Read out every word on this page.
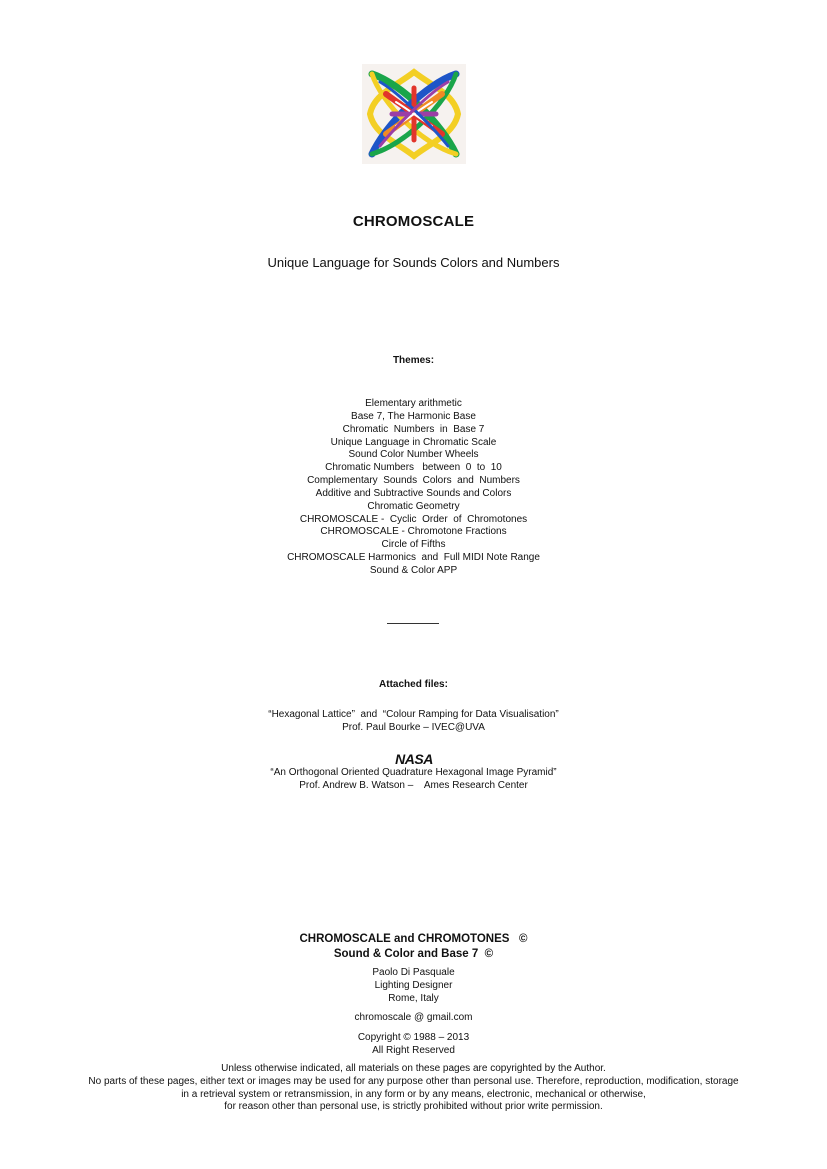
CHROMOSCALE
Unique Language for Sounds Colors and Numbers
Themes:
Elementary arithmetic
Base 7, The Harmonic Base
Chromatic  Numbers  in  Base 7
Unique Language in Chromatic Scale
Sound Color Number Wheels
Chromatic Numbers   between  0  to  10
Complementary  Sounds  Colors  and  Numbers
Additive and Subtractive Sounds and Colors
Chromatic Geometry
CHROMOSCALE -  Cyclic  Order  of  Chromotones
CHROMOSCALE - Chromotone Fractions
Circle of Fifths
CHROMOSCALE Harmonics  and  Full MIDI Note Range
Sound & Color APP
Attached files:
“Hexagonal Lattice”  and  “Colour Ramping for Data Visualisation”
Prof. Paul Bourke – IVEC@UVA
NASA
“An Orthogonal Oriented Quadrature Hexagonal Image Pyramid”
Prof. Andrew B. Watson –    Ames Research Center
CHROMOSCALE and CHROMOTONES   ©
Sound & Color and Base 7  ©
Paolo Di Pasquale
Lighting Designer
Rome, Italy
chromoscale @ gmail.com
Copyright © 1988 – 2013
All Right Reserved
Unless otherwise indicated, all materials on these pages are copyrighted by the Author.
No parts of these pages, either text or images may be used for any purpose other than personal use. Therefore, reproduction, modification, storage
in a retrieval system or retransmission, in any form or by any means, electronic, mechanical or otherwise,
for reason other than personal use, is strictly prohibited without prior write permission.
